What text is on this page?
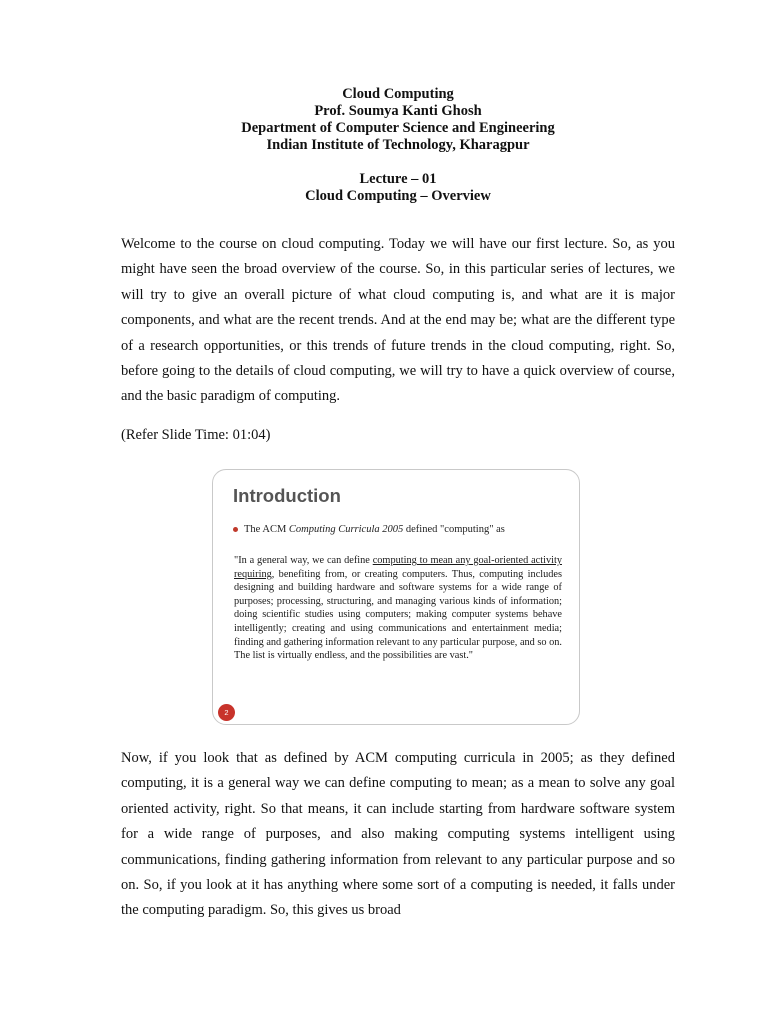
Cloud Computing
Prof. Soumya Kanti Ghosh
Department of Computer Science and Engineering
Indian Institute of Technology, Kharagpur
Lecture – 01
Cloud Computing – Overview

Welcome to the course on cloud computing. Today we will have our first lecture. So, as you might have seen the broad overview of the course. So, in this particular series of lectures, we will try to give an overall picture of what cloud computing is, and what are it is major components, and what are the recent trends. And at the end may be; what are the different type of a research opportunities, or this trends of future trends in the cloud computing, right. So, before going to the details of cloud computing, we will try to have a quick overview of course, and the basic paradigm of computing.

(Refer Slide Time: 01:04)

Introduction
The ACM Computing Curricula 2005 defined "computing" as

"In a general way, we can define computing to mean any goal-oriented activity requiring, benefiting from, or creating computers. Thus, computing includes designing and building hardware and software systems for a wide range of purposes; processing, structuring, and managing various kinds of information; doing scientific studies using computers; making computer systems behave intelligently; creating and using communications and entertainment media; finding and gathering information relevant to any particular purpose, and so on. The list is virtually endless, and the possibilities are vast."

2

Now, if you look that as defined by ACM computing curricula in 2005; as they defined computing, it is a general way we can define computing to mean; as a mean to solve any goal oriented activity, right. So that means, it can include starting from hardware software system for a wide range of purposes, and also making computing systems intelligent using communications, finding gathering information from relevant to any particular purpose and so on. So, if you look at it has anything where some sort of a computing is needed, it falls under the computing paradigm. So, this gives us broad
